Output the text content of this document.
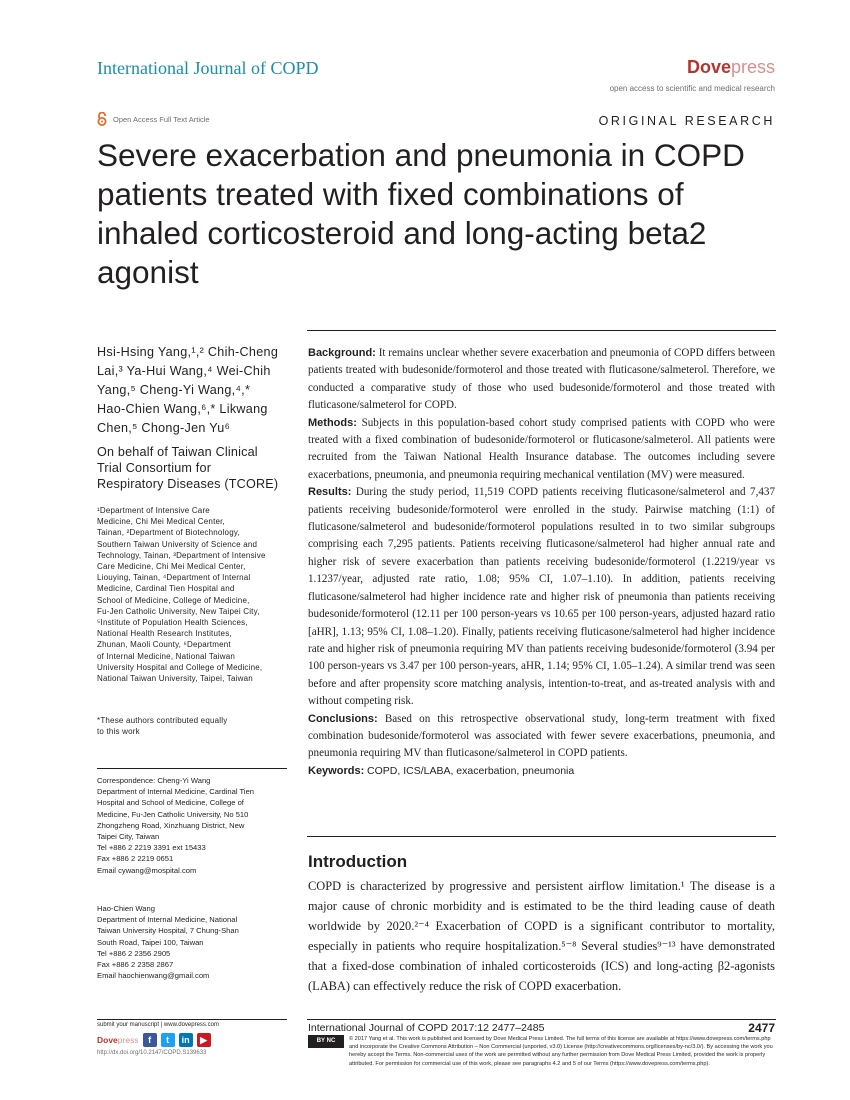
International Journal of COPD	Dovepress
open access to scientific and medical research
Open Access Full Text Article	ORIGINAL RESEARCH
Severe exacerbation and pneumonia in COPD patients treated with fixed combinations of inhaled corticosteroid and long-acting beta2 agonist
Hsi-Hsing Yang,¹,² Chih-Cheng
Lai,³ Ya-Hui Wang,⁴ Wei-Chih
Yang,⁵ Cheng-Yi Wang,⁴,*
Hao-Chien Wang,⁶,* Likwang
Chen,⁵ Chong-Jen Yu⁶
On behalf of Taiwan Clinical
Trial Consortium for
Respiratory Diseases (TCORE)
¹Department of Intensive Care
Medicine, Chi Mei Medical Center,
Tainan, ²Department of Biotechnology,
Southern Taiwan University of Science and
Technology, Tainan, ³Department of Intensive
Care Medicine, Chi Mei Medical Center,
Liouying, Tainan, ⁴Department of Internal
Medicine, Cardinal Tien Hospital and
School of Medicine, College of Medicine,
Fu-Jen Catholic University, New Taipei City,
⁵Institute of Population Health Sciences,
National Health Research Institutes,
Zhunan, Maoli County, ⁶Department
of Internal Medicine, National Taiwan
University Hospital and College of Medicine,
National Taiwan University, Taipei, Taiwan
*These authors contributed equally
to this work
Correspondence: Cheng-Yi Wang
Department of Internal Medicine, Cardinal Tien
Hospital and School of Medicine, College of
Medicine, Fu-Jen Catholic University, No 510
Zhongzheng Road, Xinzhuang District, New
Taipei City, Taiwan
Tel +886 2 2219 3391 ext 15433
Fax +886 2 2219 0651
Email cywang@mospital.com
Hao-Chien Wang
Department of Internal Medicine, National
Taiwan University Hospital, 7 Chung-Shan
South Road, Taipei 100, Taiwan
Tel +886 2 2356 2905
Fax +886 2 2358 2867
Email haochienwang@gmail.com

Background: It remains unclear whether severe exacerbation and pneumonia of COPD differs between patients treated with budesonide/formoterol and those treated with fluticasone/salmeterol. Therefore, we conducted a comparative study of those who used budesonide/formoterol and those treated with fluticasone/salmeterol for COPD.

Methods: Subjects in this population-based cohort study comprised patients with COPD who were treated with a fixed combination of budesonide/formoterol or fluticasone/salmeterol. All patients were recruited from the Taiwan National Health Insurance database. The outcomes including severe exacerbations, pneumonia, and pneumonia requiring mechanical ventilation (MV) were measured.

Results: During the study period, 11,519 COPD patients receiving fluticasone/salmeterol and 7,437 patients receiving budesonide/formoterol were enrolled in the study. Pairwise matching (1:1) of fluticasone/salmeterol and budesonide/formoterol populations resulted in to two similar subgroups comprising each 7,295 patients. Patients receiving fluticasone/salmeterol had higher annual rate and higher risk of severe exacerbation than patients receiving budesonide/formoterol (1.2219/year vs 1.1237/year, adjusted rate ratio, 1.08; 95% CI, 1.07–1.10). In addition, patients receiving fluticasone/salmeterol had higher incidence rate and higher risk of pneumonia than patients receiving budesonide/formoterol (12.11 per 100 person-years vs 10.65 per 100 person-years, adjusted hazard ratio [aHR], 1.13; 95% CI, 1.08–1.20). Finally, patients receiving fluticasone/salmeterol had higher incidence rate and higher risk of pneumonia requiring MV than patients receiving budesonide/formoterol (3.94 per 100 person-years vs 3.47 per 100 person-years, aHR, 1.14; 95% CI, 1.05–1.24). A similar trend was seen before and after propensity score matching analysis, intention-to-treat, and as-treated analysis with and without competing risk.

Conclusions: Based on this retrospective observational study, long-term treatment with fixed combination budesonide/formoterol was associated with fewer severe exacerbations, pneumonia, and pneumonia requiring MV than fluticasone/salmeterol in COPD patients.

Keywords: COPD, ICS/LABA, exacerbation, pneumonia

Introduction
COPD is characterized by progressive and persistent airflow limitation.¹ The disease is a major cause of chronic morbidity and is estimated to be the third leading cause of death worldwide by 2020.²⁻⁴ Exacerbation of COPD is a significant contributor to mortality, especially in patients who require hospitalization.⁵⁻⁸ Several studies⁹⁻¹³ have demonstrated that a fixed-dose combination of inhaled corticosteroids (ICS) and long-acting β2-agonists (LABA) can effectively reduce the risk of COPD exacerbation.
submit your manuscript | www.dovepress.com
Dovepress	f	t	in	▶
http://dx.doi.org/10.2147/COPD.S139633
International Journal of COPD 2017:12 2477–2485	2477
BY NC	© 2017 Yang et al. This work is published and licensed by Dove Medical Press Limited. The full terms of this license are available at https://www.dovepress.com/terms.php and incorporate the Creative Commons Attribution – Non Commercial (unported, v3.0) License (http://creativecommons.org/licenses/by-nc/3.0/). By accessing the work you hereby accept the Terms. Non-commercial uses of the work are permitted without any further permission from Dove Medical Press Limited, provided the work is properly attributed. For permission for commercial use of this work, please see paragraphs 4.2 and 5 of our Terms (https://www.dovepress.com/terms.php).
